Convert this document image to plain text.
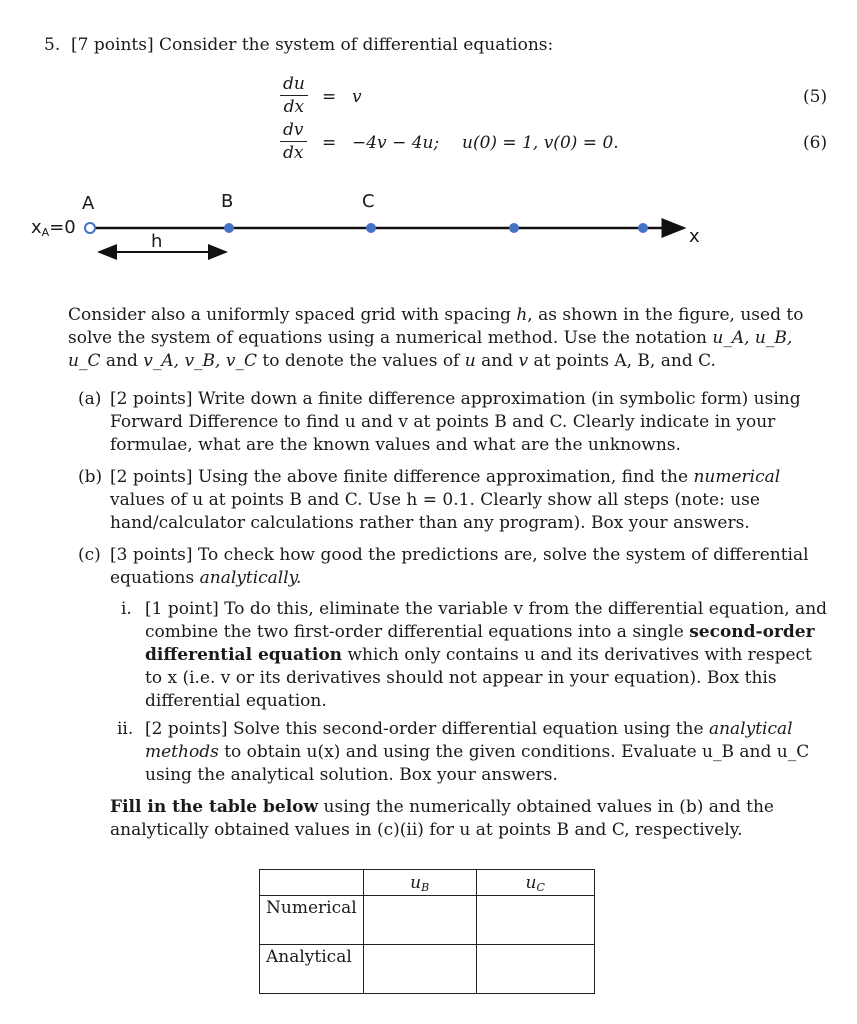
5. [7 points] Consider the system of differential equations:
$\frac{du}{dx} = v$	(5)
$\frac{dv}{dx} = -4v - 4u$; u(0) = 1, v(0) = 0.	(6)
A	B	C
$x_A=0$
h	x
Consider also a uniformly spaced grid with spacing h, as shown in the figure, used to solve the system of equations using a numerical method. Use the notation u_A, u_B, u_C and v_A, v_B, v_C to denote the values of u and v at points A, B, and C.
(a) [2 points] Write down a finite difference approximation (in symbolic form) using Forward Difference to find u and v at points B and C. Clearly indicate in your formulae, what are the known values and what are the unknowns.
(b) [2 points] Using the above finite difference approximation, find the numerical values of u at points B and C. Use h = 0.1. Clearly show all steps (note: use hand/calculator calculations rather than any program). Box your answers.
(c) [3 points] To check how good the predictions are, solve the system of differential equations analytically.
i. [1 point] To do this, eliminate the variable v from the differential equation, and combine the two first-order differential equations into a single second-order differential equation which only contains u and its derivatives with respect to x (i.e. v or its derivatives should not appear in your equation). Box this differential equation.
ii. [2 points] Solve this second-order differential equation using the analytical methods to obtain u(x) and using the given conditions. Evaluate u_B and u_C using the analytical solution. Box your answers.
Fill in the table below using the numerically obtained values in (b) and the analytically obtained values in (c)(ii) for u at points B and C, respectively.
	$u_B$	$u_C$
Numerical		
Analytical		
